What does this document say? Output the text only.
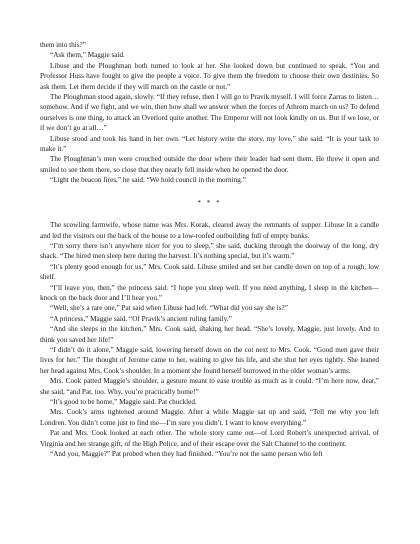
them into this?”

“Ask them,” Maggie said.

Libuse and the Ploughman both turned to look at her. She looked down but continued to speak. “You and Professor Huss have fought to give the people a voice. To give them the freedom to choose their own destinies. So ask them. Let them decide if they will march on the castle or not.”

The Ploughman stood again, slowly. “If they refuse, then I will go to Pravik myself. I will force Zarras to listen… somehow. And if we fight, and we win, then how shall we answer when the forces of Athrom march on us? To defend ourselves is one thing, to attack an Overlord quite another. The Emperor will not look kindly on us. But if we lose, or if we don’t go at all…”

Libuse stood and took his hand in her own. “Let history write the story, my love,” she said. “It is your task to make it.”

The Ploughman’s men were crouched outside the door where their leader had sent them. He threw it open and smiled to see them there, so close that they nearly fell inside when he opened the door.

“Light the beacon fires,” he said. “We hold council in the morning.”

* * *

The scowling farmwife, whose name was Mrs. Korak, cleared away the remnants of supper. Libuse lit a candle and led the visitors out the back of the house to a low-roofed outbuilding full of empty bunks.

“I’m sorry there isn’t anywhere nicer for you to sleep,” she said, ducking through the doorway of the long, dry shack. “The hired men sleep here during the harvest. It’s nothing special, but it’s warm.”

“It’s plenty good enough for us,” Mrs. Cook said. Libuse smiled and set her candle down on top of a rough, low shelf.

“I’ll leave you, then,” the princess said. “I hope you sleep well. If you need anything, I sleep in the kitchen—knock on the back door and I’ll hear you.”

“Well, she’s a rare one,” Pat said when Libuse had left. “What did you say she is?”

“A princess,” Maggie said. “Of Pravik’s ancient ruling family.”

“And she sleeps in the kitchen,” Mrs. Cook said, shaking her head. “She’s lovely, Maggie, just lovely. And to think you saved her life!”

“I didn’t do it alone,” Maggie said, lowering herself down on the cot next to Mrs. Cook. “Good men gave their lives for her.” The thought of Jerome came to her, waiting to give his life, and she shut her eyes tightly. She leaned her head against Mrs. Cook’s shoulder. In a moment she found herself burrowed in the older woman’s arms.

Mrs. Cook patted Maggie’s shoulder, a gesture meant to ease trouble as much as it could. “I’m here now, dear,” she said, “and Pat, too. Why, you’re practically home!”

“It’s good to be home,” Maggie said. Pat chuckled.

Mrs. Cook’s arms tightened around Maggie. After a while Maggie sat up and said, “Tell me why you left Londren. You didn’t come just to find me—I’m sure you didn’t. I want to know everything.”

Pat and Mrs. Cook looked at each other. The whole story came out—of Lord Robert’s unexpected arrival, of Virginia and her strange gift, of the High Police, and of their escape over the Salt Channel to the continent.

“And you, Maggie?” Pat probed when they had finished. “You’re not the same person who left
